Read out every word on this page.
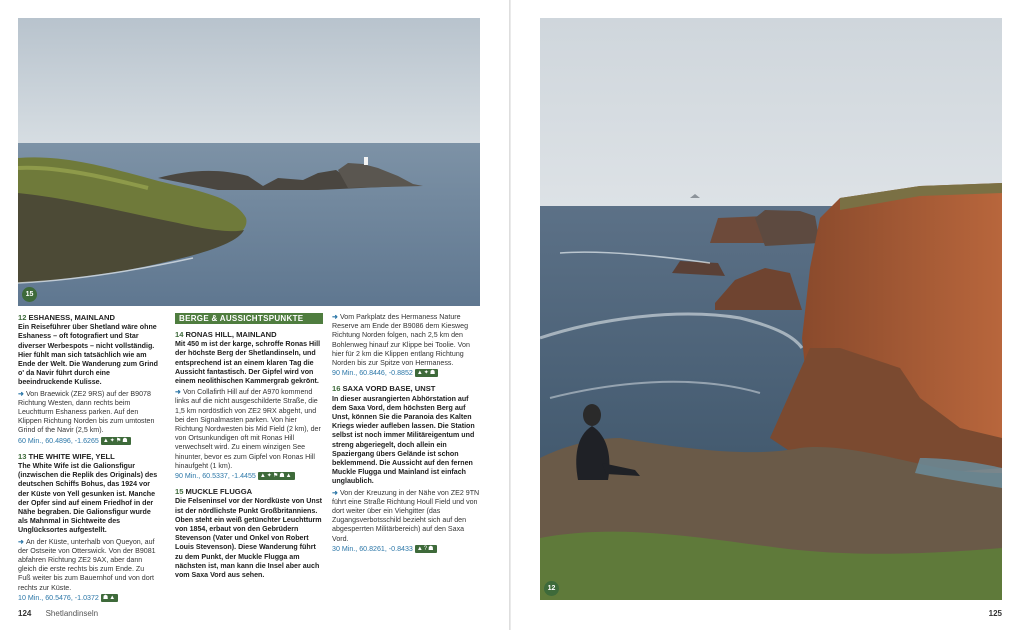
15
12 ESHANESS, MAINLAND
Ein Reiseführer über Shetland wäre ohne Eshaness – oft fotografiert und Star diverser Werbespots – nicht vollständig. Hier fühlt man sich tatsächlich wie am Ende der Welt. Die Wanderung zum Grind o' da Navir führt durch eine beeindruckende Kulisse.
➜ Von Braewick (ZE2 9RS) auf der B9078 Richtung Westen, dann rechts beim Leuchtturm Eshaness parken. Auf den Klippen Richtung Norden bis zum umtosten Grind of the Navir (2,5 km).
60 Min., 60.4896, -1.6265 ▲✦⚑☗
13 THE WHITE WIFE, YELL
The White Wife ist die Galionsfigur (inzwischen die Replik des Originals) des deutschen Schiffs Bohus, das 1924 vor der Küste von Yell gesunken ist. Manche der Opfer sind auf einem Friedhof in der Nähe begraben. Die Galionsfigur wurde als Mahnmal in Sichtweite des Unglücksortes aufgestellt.
➜ An der Küste, unterhalb von Queyon, auf der Ostseite von Otterswick. Von der B9081 abfahren Richtung ZE2 9AX, aber dann gleich die erste rechts bis zum Ende. Zu Fuß weiter bis zum Bauernhof und von dort rechts zur Küste.
10 Min., 60.5476, -1.0372 ☗▲
BERGE & AUSSICHTSPUNKTE
14 RONAS HILL, MAINLAND
Mit 450 m ist der karge, schroffe Ronas Hill der höchste Berg der Shetlandinseln, und entsprechend ist an einem klaren Tag die Aussicht fantastisch. Der Gipfel wird von einem neolithischen Kammergrab gekrönt.
➜ Von Collafirth Hill auf der A970 kommend links auf die nicht ausgeschilderte Straße, die 1,5 km nordöstlich von ZE2 9RX abgeht, und bei den Signalmasten parken. Von hier Richtung Nordwesten bis Mid Field (2 km), der von Ortsunkundigen oft mit Ronas Hill verwechselt wird. Zu einem winzigen See hinunter, bevor es zum Gipfel von Ronas Hill hinaufgeht (1 km).
90 Min., 60.5337, -1.4455 ▲✦⚑☗▲
15 MUCKLE FLUGGA
Die Felseninsel vor der Nordküste von Unst ist der nördlichste Punkt Großbritanniens. Oben steht ein weiß getünchter Leuchtturm von 1854, erbaut von den Gebrüdern Stevenson (Vater und Onkel von Robert Louis Stevenson). Diese Wanderung führt zu dem Punkt, der Muckle Flugga am nächsten ist, man kann die Insel aber auch vom Saxa Vord aus sehen.
➜ Vom Parkplatz des Hermaness Nature Reserve am Ende der B9086 dem Kiesweg Richtung Norden folgen, nach 2,5 km den Bohlenweg hinauf zur Klippe bei Toolie. Von hier für 2 km die Klippen entlang Richtung Norden bis zur Spitze von Hermaness.
90 Min., 60.8446, -0.8852 ▲✦☗
16 SAXA VORD BASE, UNST
In dieser ausrangierten Abhörstation auf dem Saxa Vord, dem höchsten Berg auf Unst, können Sie die Paranoia des Kalten Kriegs wieder aufleben lassen. Die Station selbst ist noch immer Militäreigentum und streng abgeriegelt, doch allein ein Spaziergang übers Gelände ist schon beklemmend. Die Aussicht auf den fernen Muckle Flugga und Mainland ist einfach unglaublich.
➜ Von der Kreuzung in der Nähe von ZE2 9TN führt eine Straße Richtung Houll Field und von dort weiter über ein Viehgitter (das Zugangsverbotsschild bezieht sich auf den abgesperrten Militärbereich) auf den Saxa Vord.
30 Min., 60.8261, -0.8433 ▲?☗
124 Shetlandinseln
12
125
